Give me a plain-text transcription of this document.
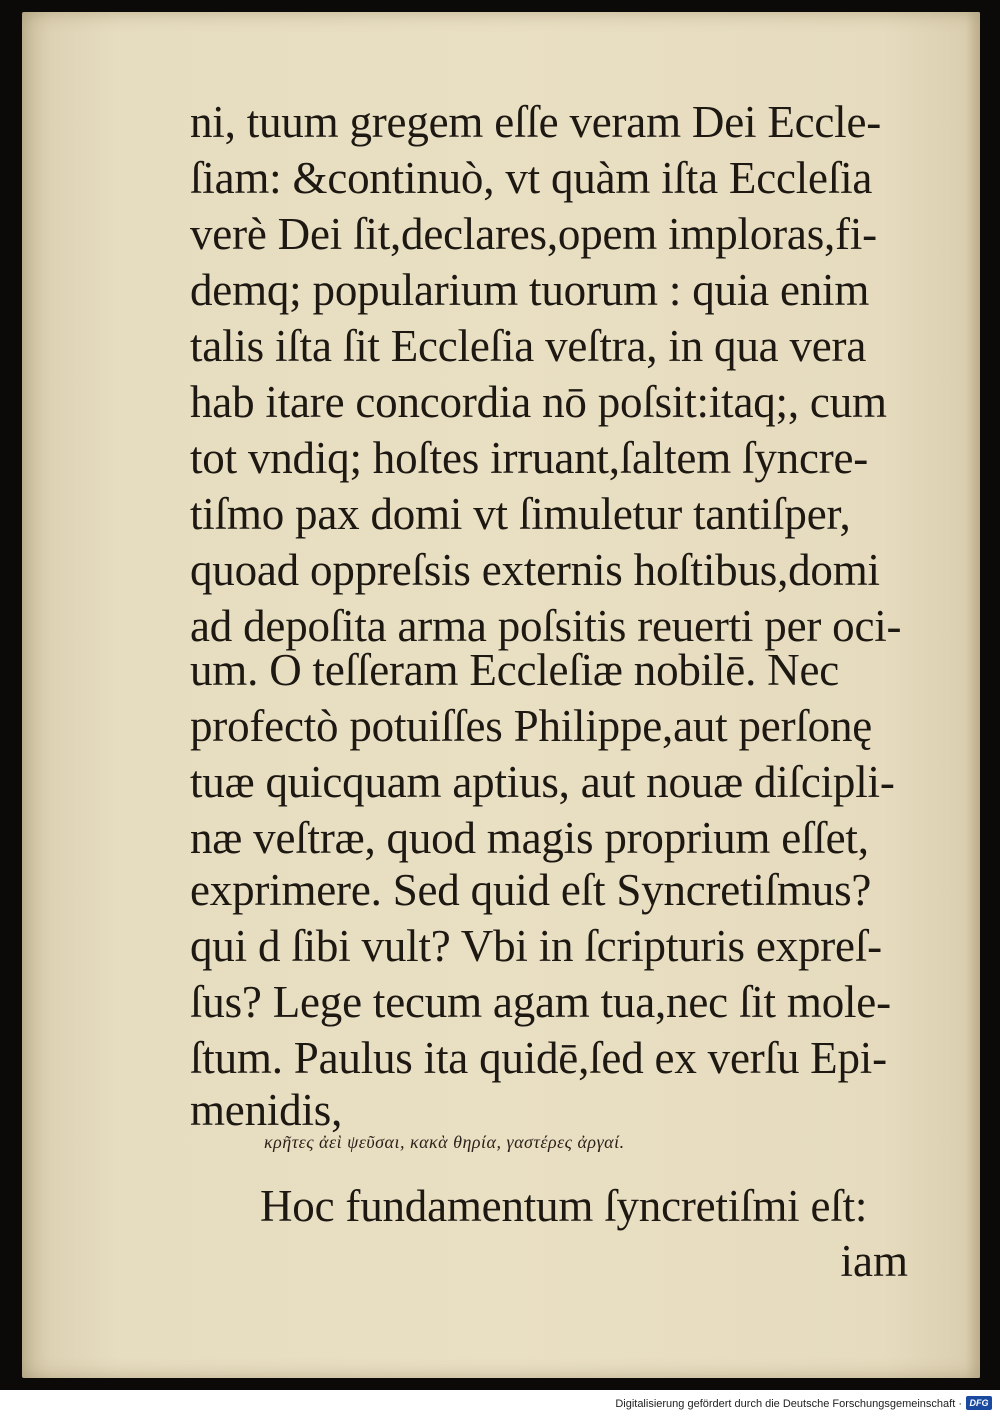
ni, tuum gregem eſſe veram Dei Eccle-
ſiam: &continuò, vt quàm iſta Eccleſia
verè Dei ſit,declares,opem imploras,fi-
demq; popularium tuorum : quia enim
talis iſta ſit Eccleſia veſtra, in qua vera
hab itare concordia nō poſsit:itaq;, cum
tot vndiq; hoſtes irruant,ſaltem ſyncre-
tiſmo pax domi vt ſimuletur tantiſper,
quoad oppreſsis externis hoſtibus,domi
ad depoſita arma poſsitis reuerti per oci-
um. O teſſeram Eccleſiæ nobilē. Nec
profectò potuiſſes Philippe,aut perſonę
tuæ quicquam aptius, aut nouæ diſcipli-
næ veſtræ, quod magis proprium eſſet,
exprimere. Sed quid eſt Syncretiſmus?
qui d ſibi vult? Vbi in ſcripturis expreſ-
ſus? Lege tecum agam tua,nec ſit mole-
ſtum. Paulus ita quidē,ſed ex verſu Epi-
menidis,
κρῆτες ἀεὶ ψεῦσαι, κακὰ θηρία, γαστέρες ἀργαί.
Hoc fundamentum ſyncretiſmi eſt:
iam
Digitalisierung gefördert durch die Deutsche Forschungsgemeinschaft · DFG
